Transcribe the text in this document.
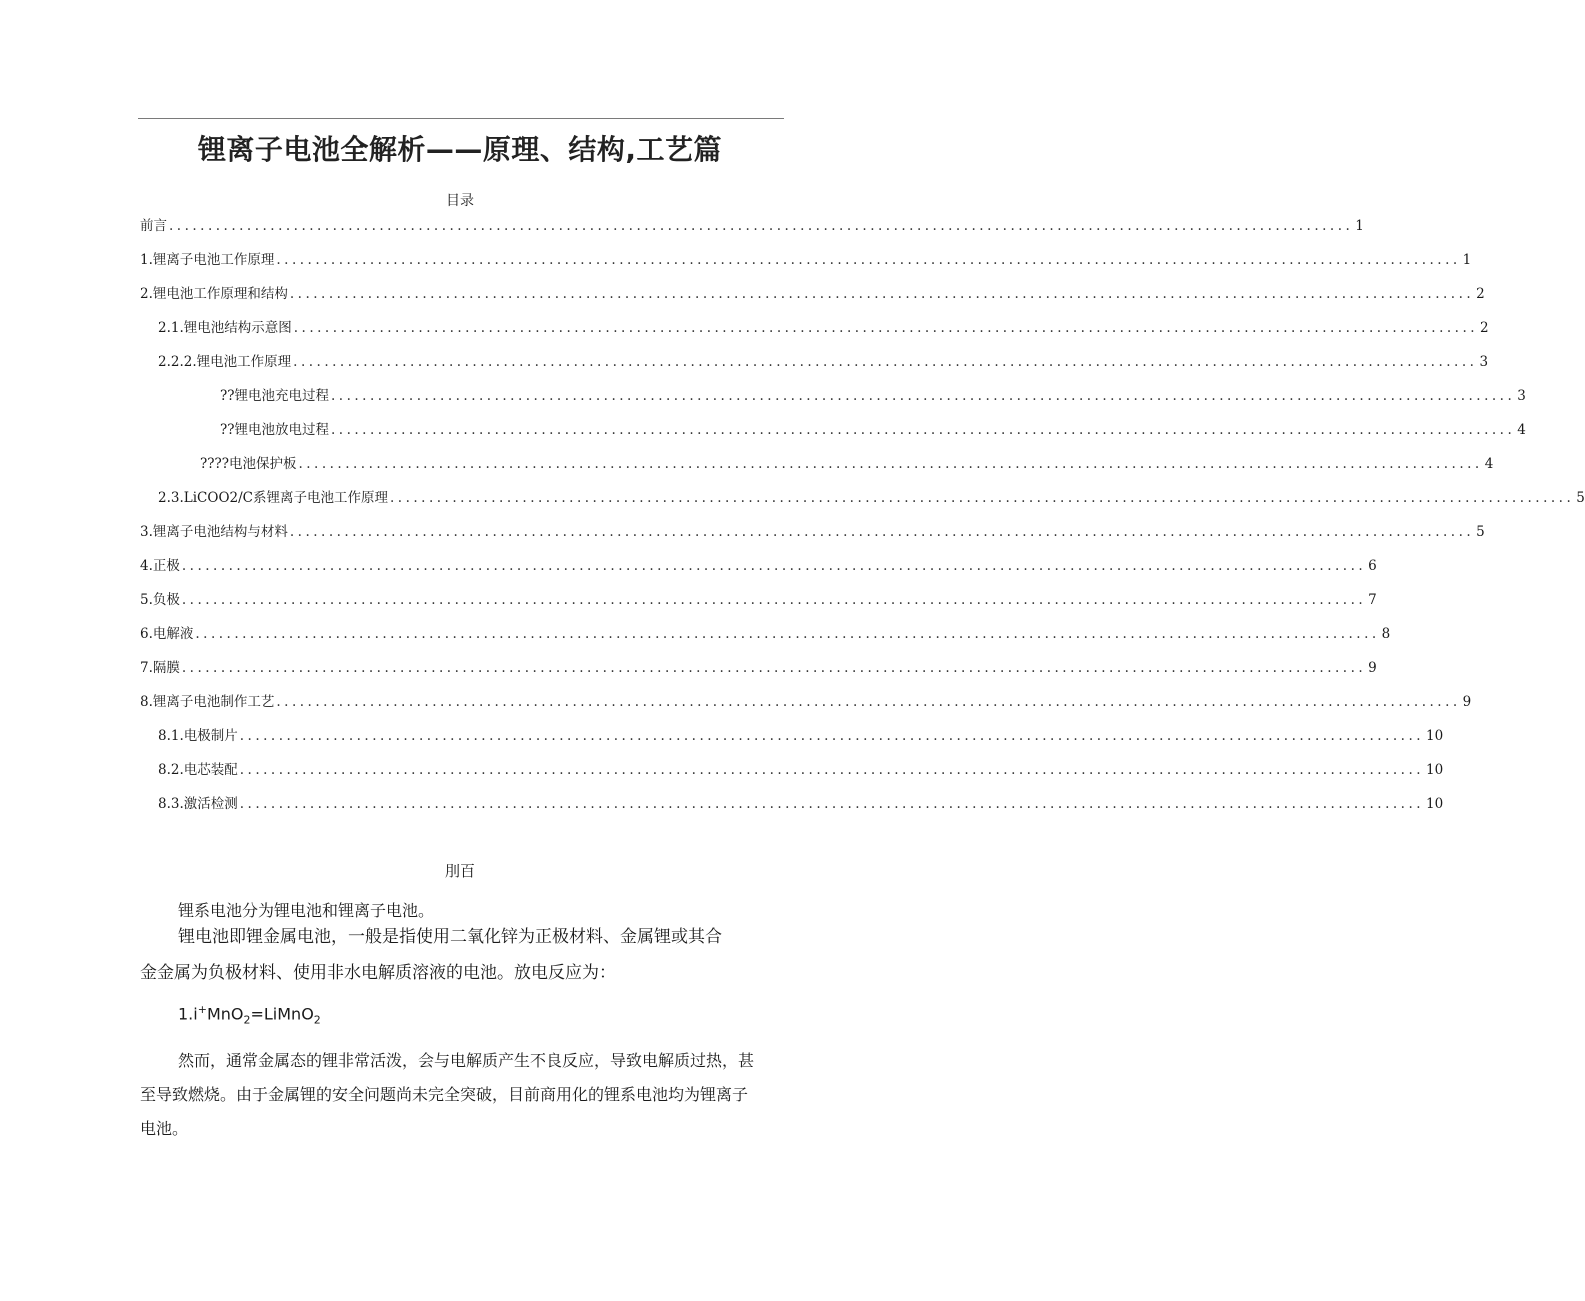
锂离子电池全解析——原理、结构,工艺篇
目录
前言 ........................................................................................................................................................ 1
1 .锂离子电池工作原理 ........................................................................................................................................................ 1
2 .锂电池工作原理和结构 ........................................................................................................................................................ 2
2.1. 锂电池结构示意图 ........................................................................................................................................................ 2
2.2. 2.锂电池工作原理 ........................................................................................................................................................ 3
??锂电池充电过程 ........................................................................................................................................................ 3
??锂电池放电过程 ........................................................................................................................................................ 4
????电池保护板 ........................................................................................................................................................ 4
2.3. LiCOO2/C系锂离子电池工作原理 ........................................................................................................................................................ 5
3 .锂离子电池结构与材料 ........................................................................................................................................................ 5
4 .正极 ........................................................................................................................................................ 6
5 .负极 ........................................................................................................................................................ 7
6 .电解液 ........................................................................................................................................................ 8
7 .隔膜 ........................................................................................................................................................ 9
8 .锂离子电池制作工艺 ........................................................................................................................................................ 9
8.1. 电极制片 ........................................................................................................................................................ 10
8.2. 电芯装配 ........................................................................................................................................................ 10
8.3. 激活检测 ........................................................................................................................................................ 10
刖百
锂系电池分为锂电池和锂离子电池。
锂电池即锂金属电池，一般是指使用二氧化锌为正极材料、金属锂或其合
金金属为负极材料、使用非水电解质溶液的电池。放电反应为：
1.i+MnO$_2$=LiMnO$_2$
然而，通常金属态的锂非常活泼，会与电解质产生不良反应，导致电解质过热，甚
至导致燃烧。由于金属锂的安全问题尚未完全突破，目前商用化的锂系电池均为锂离子
电池。
